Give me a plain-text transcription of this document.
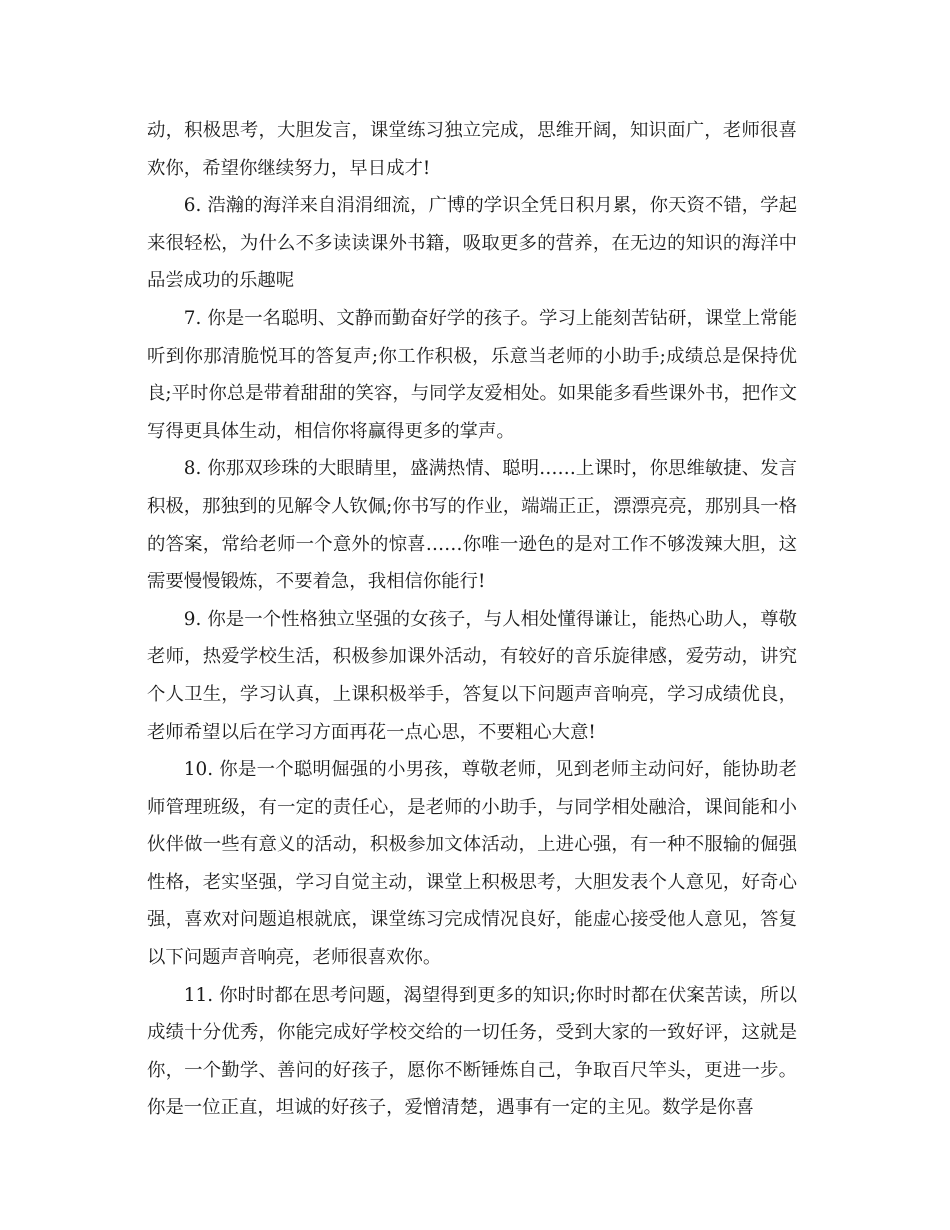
动，积极思考，大胆发言，课堂练习独立完成，思维开阔，知识面广，老师很喜欢你，希望你继续努力，早日成才!

6. 浩瀚的海洋来自涓涓细流，广博的学识全凭日积月累，你天资不错，学起来很轻松，为什么不多读读课外书籍，吸取更多的营养，在无边的知识的海洋中品尝成功的乐趣呢

7. 你是一名聪明、文静而勤奋好学的孩子。学习上能刻苦钻研，课堂上常能听到你那清脆悦耳的答复声;你工作积极，乐意当老师的小助手;成绩总是保持优良;平时你总是带着甜甜的笑容，与同学友爱相处。如果能多看些课外书，把作文写得更具体生动，相信你将赢得更多的掌声。

8. 你那双珍珠的大眼睛里，盛满热情、聪明……上课时，你思维敏捷、发言积极，那独到的见解令人钦佩;你书写的作业，端端正正，漂漂亮亮，那别具一格的答案，常给老师一个意外的惊喜……你唯一逊色的是对工作不够泼辣大胆，这需要慢慢锻炼，不要着急，我相信你能行!

9. 你是一个性格独立坚强的女孩子，与人相处懂得谦让，能热心助人，尊敬老师，热爱学校生活，积极参加课外活动，有较好的音乐旋律感，爱劳动，讲究个人卫生，学习认真，上课积极举手，答复以下问题声音响亮，学习成绩优良，老师希望以后在学习方面再花一点心思，不要粗心大意!

10. 你是一个聪明倔强的小男孩，尊敬老师，见到老师主动问好，能协助老师管理班级，有一定的责任心，是老师的小助手，与同学相处融洽，课间能和小伙伴做一些有意义的活动，积极参加文体活动，上进心强，有一种不服输的倔强性格，老实坚强，学习自觉主动，课堂上积极思考，大胆发表个人意见，好奇心强，喜欢对问题追根就底，课堂练习完成情况良好，能虚心接受他人意见，答复以下问题声音响亮，老师很喜欢你。

11. 你时时都在思考问题，渴望得到更多的知识;你时时都在伏案苦读，所以成绩十分优秀，你能完成好学校交给的一切任务，受到大家的一致好评，这就是你，一个勤学、善问的好孩子，愿你不断锤炼自己，争取百尺竿头，更进一步。你是一位正直，坦诚的好孩子，爱憎清楚，遇事有一定的主见。数学是你喜
